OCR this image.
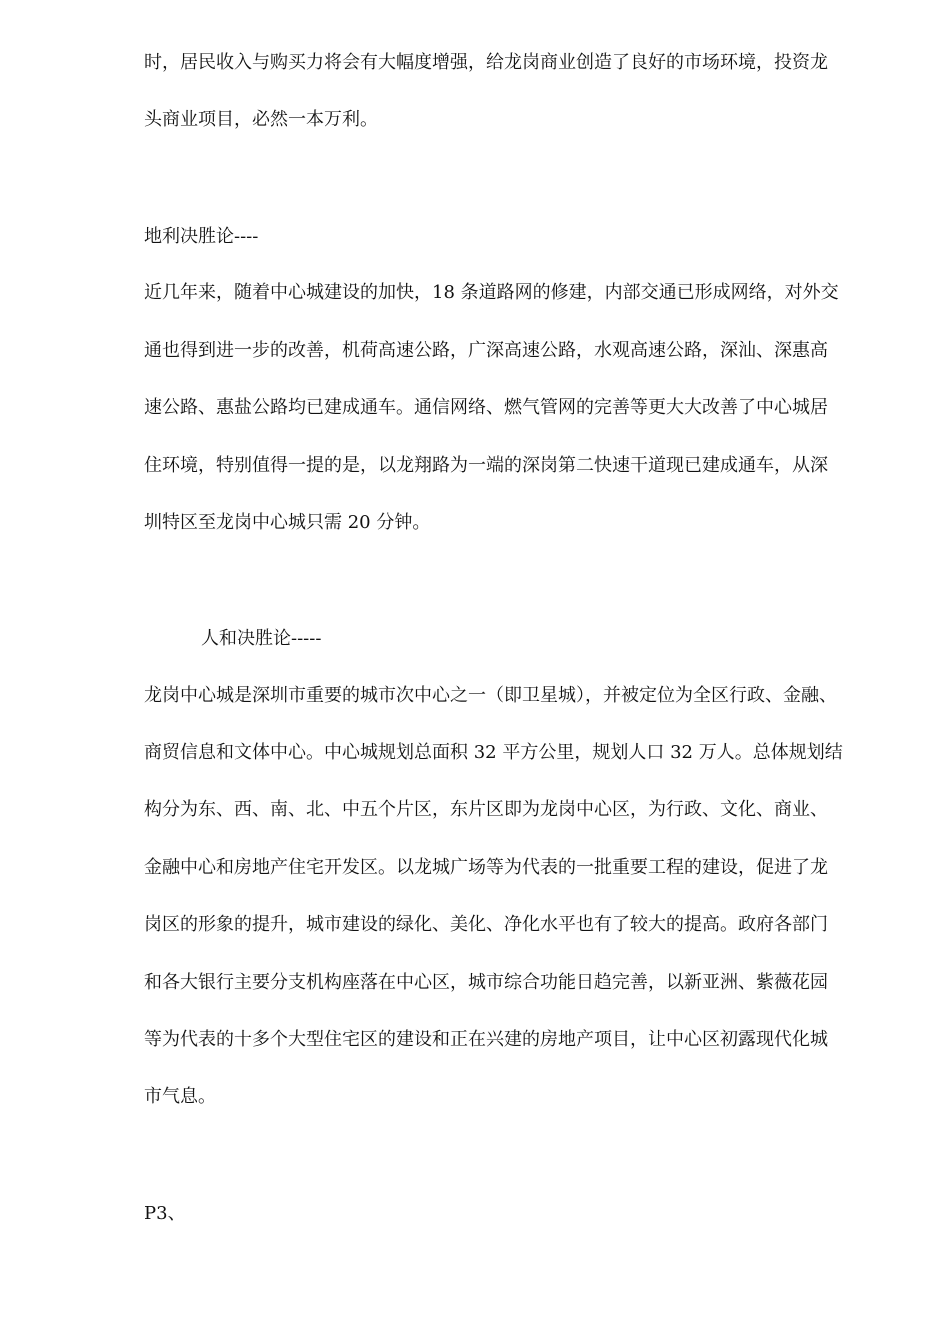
时，居民收入与购买力将会有大幅度增强，给龙岗商业创造了良好的市场环境，投资龙

头商业项目，必然一本万利。

地利决胜论----

近几年来，随着中心城建设的加快，18 条道路网的修建，内部交通已形成网络，对外交

通也得到进一步的改善，机荷高速公路，广深高速公路，水观高速公路，深汕、深惠高

速公路、惠盐公路均已建成通车。通信网络、燃气管网的完善等更大大改善了中心城居

住环境，特别值得一提的是，以龙翔路为一端的深岗第二快速干道现已建成通车，从深

圳特区至龙岗中心城只需 20 分钟。

人和决胜论-----

龙岗中心城是深圳市重要的城市次中心之一（即卫星城），并被定位为全区行政、金融、

商贸信息和文体中心。中心城规划总面积 32 平方公里，规划人口 32 万人。总体规划结

构分为东、西、南、北、中五个片区，东片区即为龙岗中心区，为行政、文化、商业、

金融中心和房地产住宅开发区。以龙城广场等为代表的一批重要工程的建设，促进了龙

岗区的形象的提升，城市建设的绿化、美化、净化水平也有了较大的提高。政府各部门

和各大银行主要分支机构座落在中心区，城市综合功能日趋完善，以新亚洲、紫薇花园

等为代表的十多个大型住宅区的建设和正在兴建的房地产项目，让中心区初露现代化城

市气息。

P3、
